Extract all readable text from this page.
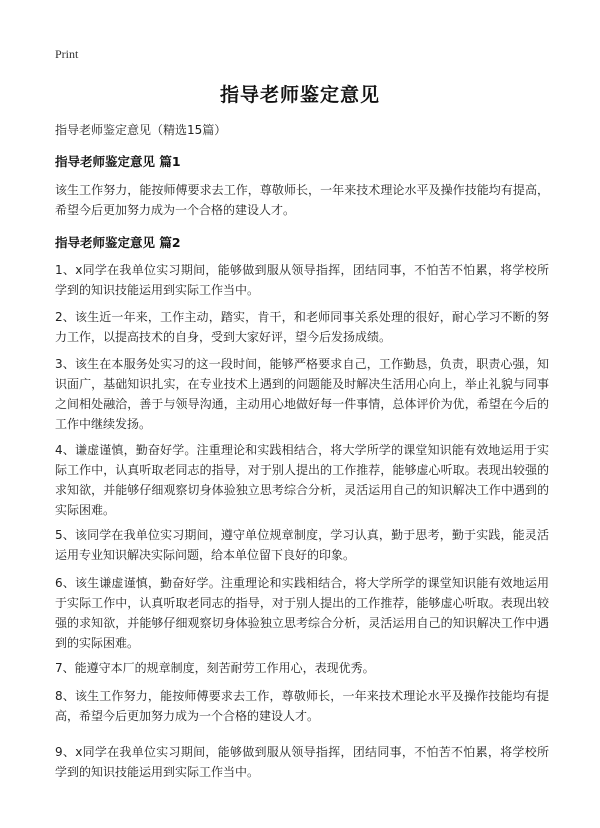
Print
指导老师鉴定意见
指导老师鉴定意见（精选15篇）
指导老师鉴定意见 篇1
该生工作努力，能按师傅要求去工作，尊敬师长，一年来技术理论水平及操作技能均有提高，希望今后更加努力成为一个合格的建设人才。
指导老师鉴定意见 篇2
1、x同学在我单位实习期间，能够做到服从领导指挥，团结同事，不怕苦不怕累，将学校所学到的知识技能运用到实际工作当中。
2、该生近一年来，工作主动，踏实，肯干，和老师同事关系处理的很好，耐心学习不断的努力工作，以提高技术的自身，受到大家好评，望今后发扬成绩。
3、该生在本服务处实习的这一段时间，能够严格要求自己，工作勤恳，负责，职责心强，知识面广，基础知识扎实，在专业技术上遇到的问题能及时解决生活用心向上，举止礼貌与同事之间相处融洽，善于与领导沟通，主动用心地做好每一件事情，总体评价为优，希望在今后的工作中继续发扬。
4、谦虚谨慎，勤奋好学。注重理论和实践相结合，将大学所学的课堂知识能有效地运用于实际工作中，认真听取老同志的指导，对于别人提出的工作推荐，能够虚心听取。表现出较强的求知欲，并能够仔细观察切身体验独立思考综合分析，灵活运用自己的知识解决工作中遇到的实际困难。
5、该同学在我单位实习期间，遵守单位规章制度，学习认真，勤于思考，勤于实践，能灵活运用专业知识解决实际问题，给本单位留下良好的印象。
6、该生谦虚谨慎，勤奋好学。注重理论和实践相结合，将大学所学的课堂知识能有效地运用于实际工作中，认真听取老同志的指导，对于别人提出的工作推荐，能够虚心听取。表现出较强的求知欲，并能够仔细观察切身体验独立思考综合分析，灵活运用自己的知识解决工作中遇到的实际困难。
7、能遵守本厂的规章制度，刻苦耐劳工作用心，表现优秀。
8、该生工作努力，能按师傅要求去工作，尊敬师长，一年来技术理论水平及操作技能均有提高，希望今后更加努力成为一个合格的建设人才。
9、x同学在我单位实习期间，能够做到服从领导指挥，团结同事，不怕苦不怕累，将学校所学到的知识技能运用到实际工作当中。
